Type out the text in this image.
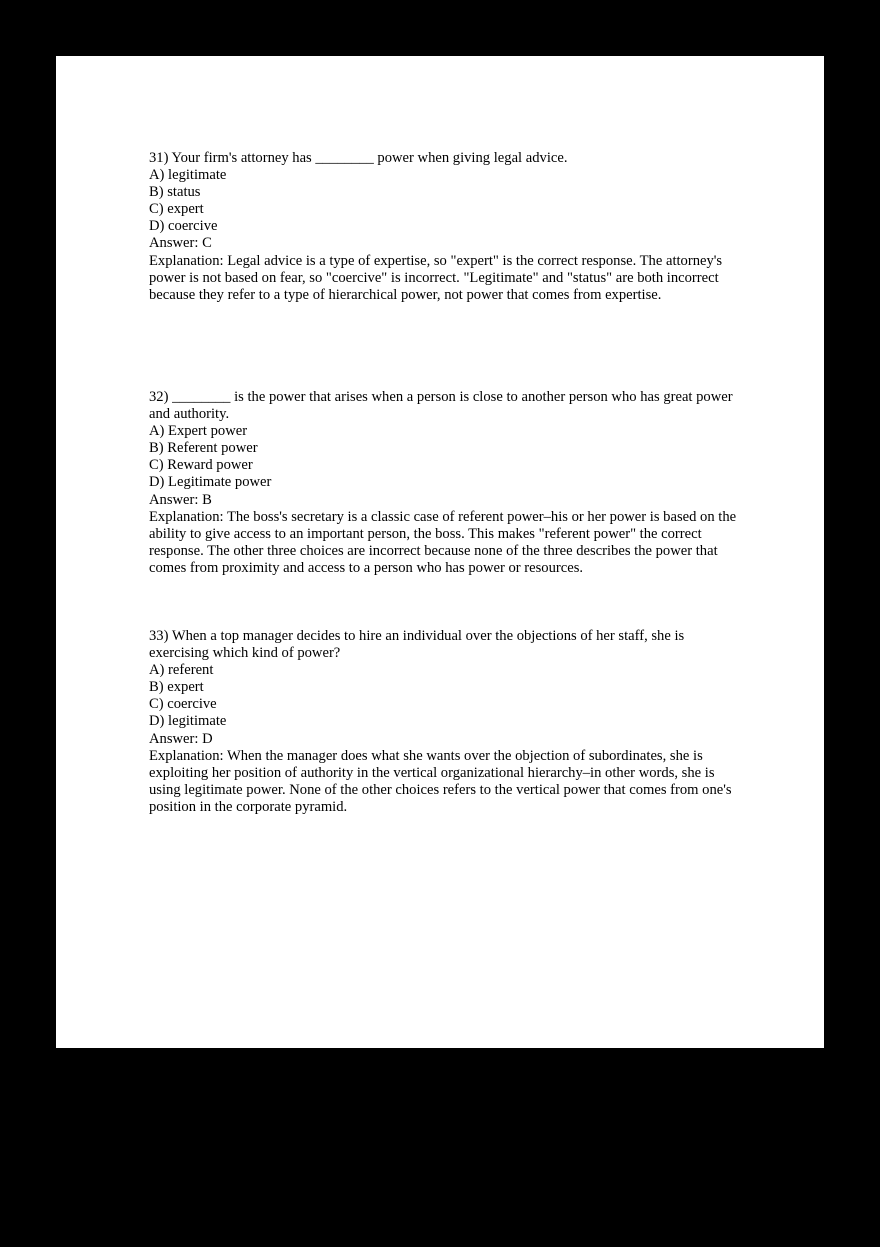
31) Your firm's attorney has ________ power when giving legal advice.

A) legitimate

B) status

C) expert

D) coercive

Answer: C

Explanation: Legal advice is a type of expertise, so "expert" is the correct response. The attorney's power is not based on fear, so "coercive" is incorrect. "Legitimate" and "status" are both incorrect because they refer to a type of hierarchical power, not power that comes from expertise.

32) ________ is the power that arises when a person is close to another person who has great power and authority.

A) Expert power

B) Referent power

C) Reward power

D) Legitimate power

Answer: B

Explanation: The boss's secretary is a classic case of referent power–his or her power is based on the ability to give access to an important person, the boss. This makes "referent power" the correct response. The other three choices are incorrect because none of the three describes the power that comes from proximity and access to a person who has power or resources.

33) When a top manager decides to hire an individual over the objections of her staff, she is exercising which kind of power?

A) referent

B) expert

C) coercive

D) legitimate

Answer: D

Explanation: When the manager does what she wants over the objection of subordinates, she is exploiting her position of authority in the vertical organizational hierarchy–in other words, she is using legitimate power. None of the other choices refers to the vertical power that comes from one's position in the corporate pyramid.
